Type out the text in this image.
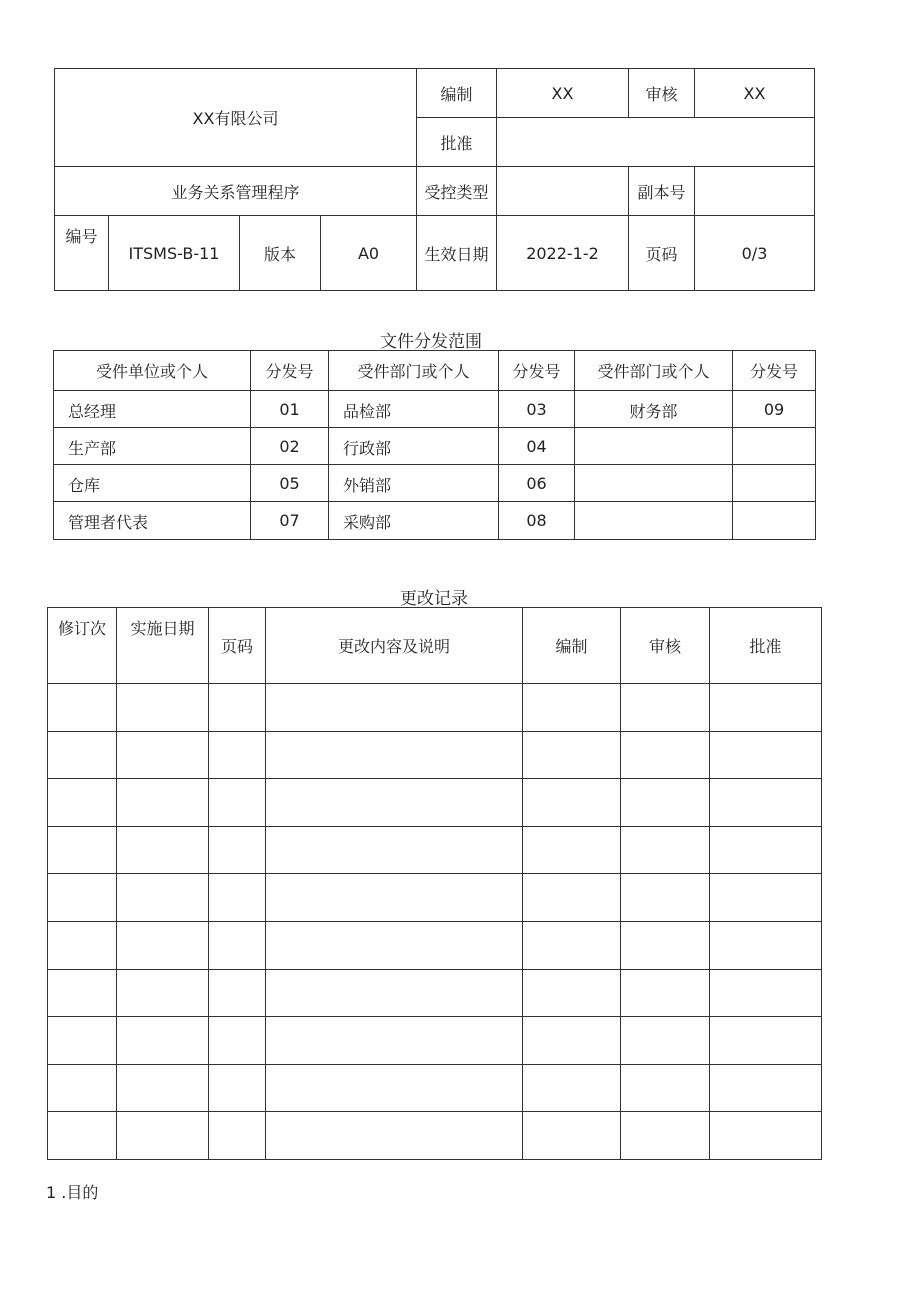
XX有限公司				编制	XX	审核	XX
				批准			
业务关系管理程序				受控类型		副本号	
编号	ITSMS-B-11	版本	A0	生效日期	2022-1-2	页码	0/3
文件分发范围
受件单位或个人	分发号	受件部门或个人	分发号	受件部门或个人	分发号
总经理	01	品检部	03	财务部	09
生产部	02	行政部	04		
仓库	05	外销部	06		
管理者代表	07	采购部	08		
更改记录
修订次	实施日期	页码	更改内容及说明	编制	审核	批准

1 .目的
